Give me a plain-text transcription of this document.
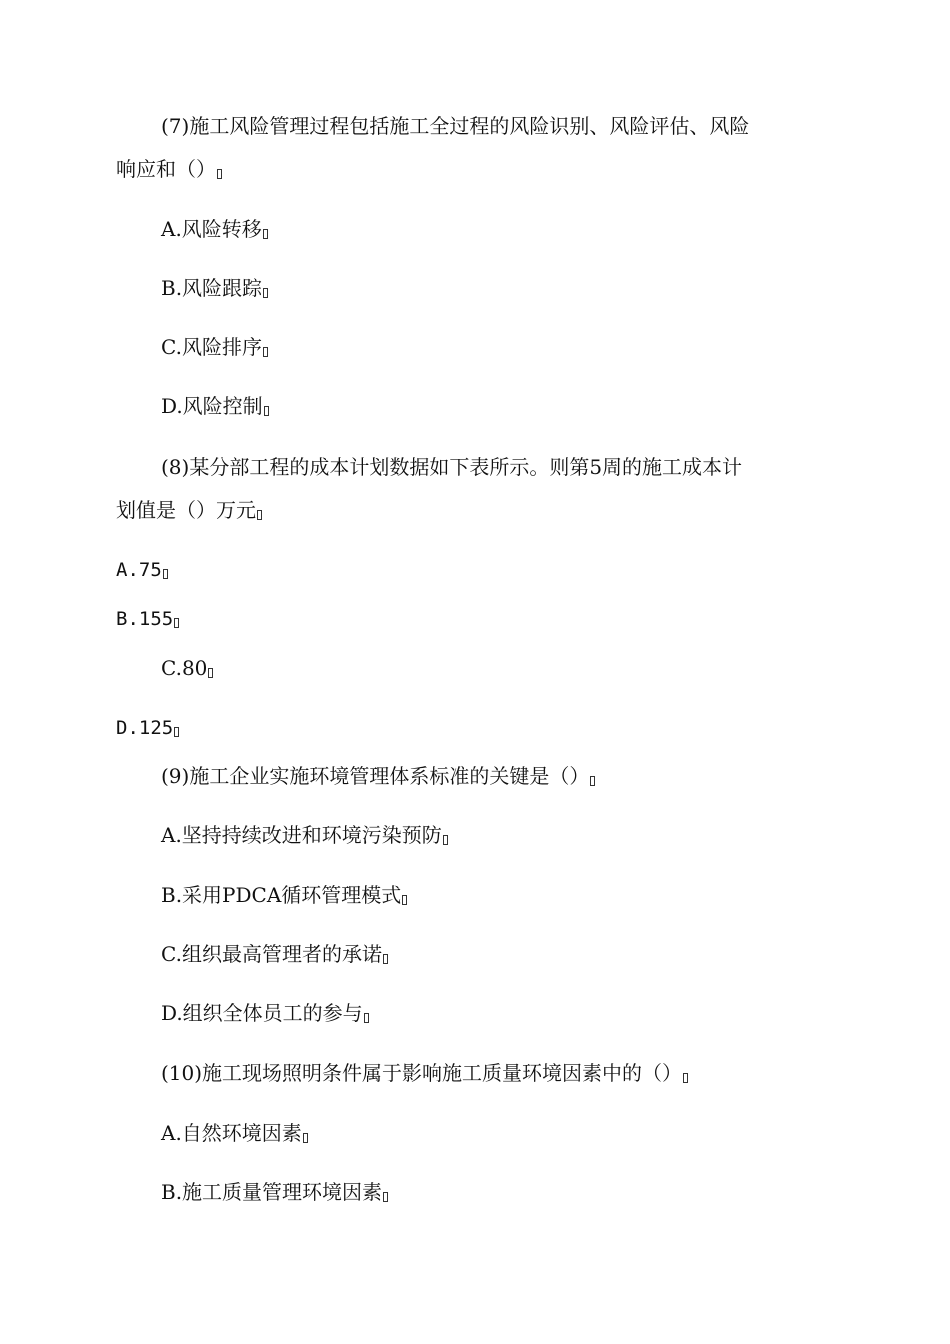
(7)施工风险管理过程包括施工全过程的风险识别、风险评估、风险
响应和（）
A.风险转移
B.风险跟踪
C.风险排序
D.风险控制
(8)某分部工程的成本计划数据如下表所示。则第5周的施工成本计
划值是（）万元
A.75
B.155
C.80
D.125
(9)施工企业实施环境管理体系标准的关键是（）
A.坚持持续改进和环境污染预防
B.采用PDCA循环管理模式
C.组织最高管理者的承诺
D.组织全体员工的参与
(10)施工现场照明条件属于影响施工质量环境因素中的（）
A.自然环境因素
B.施工质量管理环境因素
